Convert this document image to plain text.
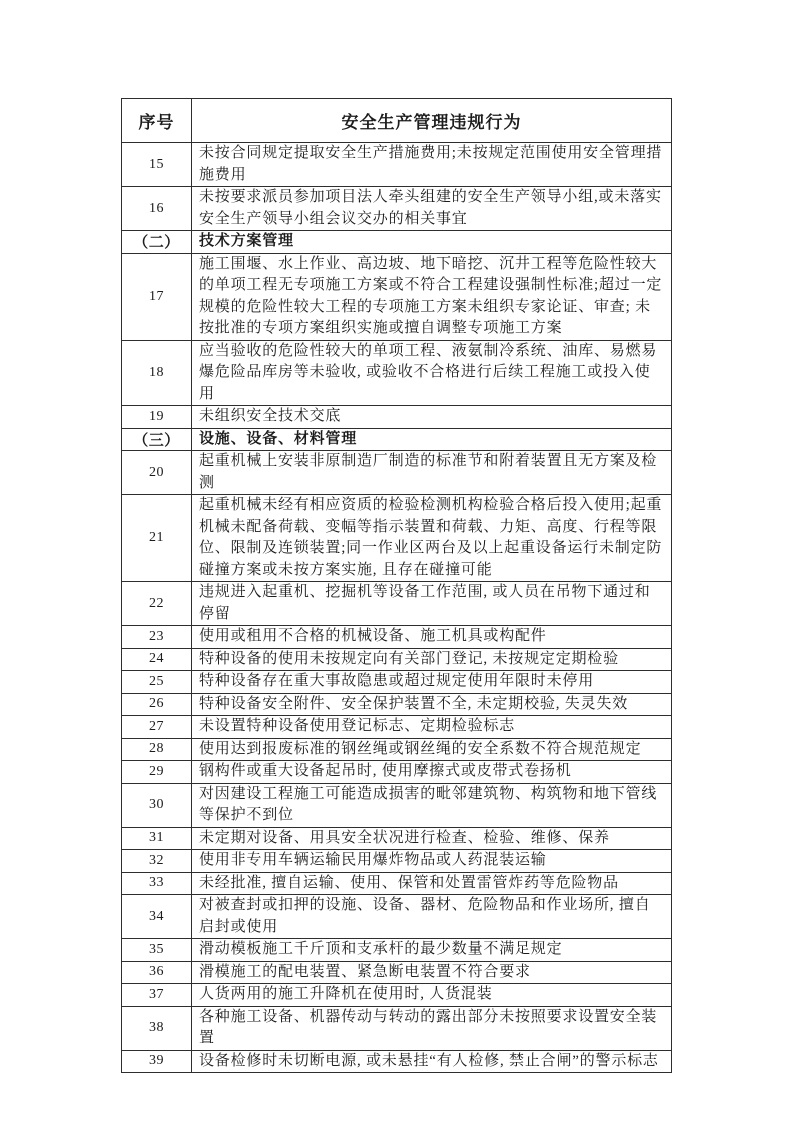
序号	安全生产管理违规行为
15	未按合同规定提取安全生产措施费用;未按规定范围使用安全管理措施费用
16	未按要求派员参加项目法人牵头组建的安全生产领导小组,或未落实安全生产领导小组会议交办的相关事宜
（二）	技术方案管理
17	施工围堰、水上作业、高边坡、地下暗挖、沉井工程等危险性较大的单项工程无专项施工方案或不符合工程建设强制性标准;超过一定规模的危险性较大工程的专项施工方案未组织专家论证、审查; 未按批准的专项方案组织实施或擅自调整专项施工方案
18	应当验收的危险性较大的单项工程、液氨制冷系统、油库、易燃易爆危险品库房等未验收, 或验收不合格进行后续工程施工或投入使用
19	未组织安全技术交底
（三）	设施、设备、材料管理
20	起重机械上安装非原制造厂制造的标准节和附着装置且无方案及检测
21	起重机械未经有相应资质的检验检测机构检验合格后投入使用;起重机械未配备荷载、变幅等指示装置和荷载、力矩、高度、行程等限位、限制及连锁装置;同一作业区两台及以上起重设备运行未制定防碰撞方案或未按方案实施, 且存在碰撞可能
22	违规进入起重机、挖掘机等设备工作范围, 或人员在吊物下通过和停留
23	使用或租用不合格的机械设备、施工机具或构配件
24	特种设备的使用未按规定向有关部门登记, 未按规定定期检验
25	特种设备存在重大事故隐患或超过规定使用年限时未停用
26	特种设备安全附件、安全保护装置不全, 未定期校验, 失灵失效
27	未设置特种设备使用登记标志、定期检验标志
28	使用达到报废标准的钢丝绳或钢丝绳的安全系数不符合规范规定
29	钢构件或重大设备起吊时, 使用摩擦式或皮带式卷扬机
30	对因建设工程施工可能造成损害的毗邻建筑物、构筑物和地下管线等保护不到位
31	未定期对设备、用具安全状况进行检查、检验、维修、保养
32	使用非专用车辆运输民用爆炸物品或人药混装运输
33	未经批准, 擅自运输、使用、保管和处置雷管炸药等危险物品
34	对被查封或扣押的设施、设备、器材、危险物品和作业场所, 擅自启封或使用
35	滑动模板施工千斤顶和支承杆的最少数量不满足规定
36	滑模施工的配电装置、紧急断电装置不符合要求
37	人货两用的施工升降机在使用时, 人货混装
38	各种施工设备、机器传动与转动的露出部分未按照要求设置安全装置
39	设备检修时未切断电源, 或未悬挂“有人检修, 禁止合闸”的警示标志
